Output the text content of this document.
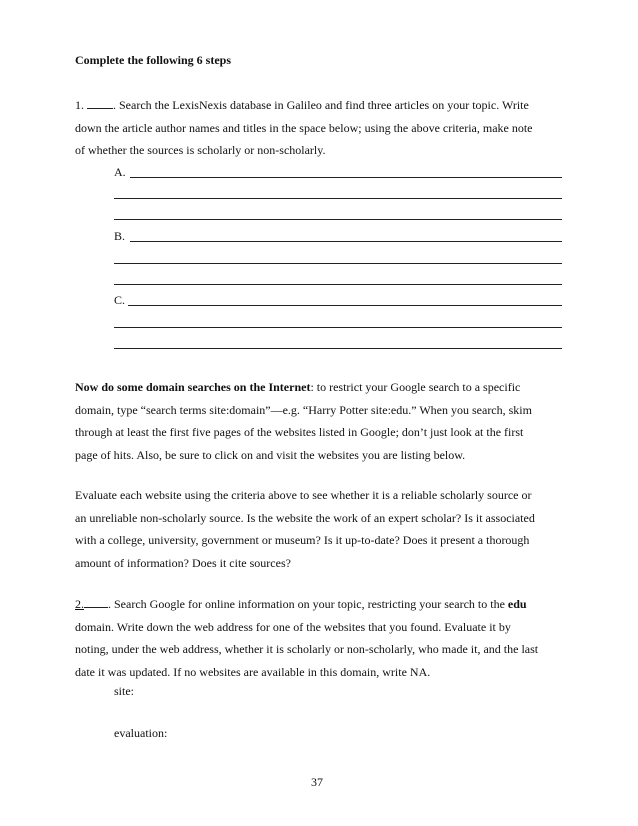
Complete the following 6 steps

1. . Search the LexisNexis database in Galileo and find three articles on your topic. Write

down the article author names and titles in the space below; using the above criteria, make note

of whether the sources is scholarly or non-scholarly.

A.
B.
C.

Now do some domain searches on the Internet: to restrict your Google search to a specific

domain, type “search terms site:domain”—e.g. “Harry Potter site:edu.” When you search, skim

through at least the first five pages of the websites listed in Google; don’t just look at the first

page of hits. Also, be sure to click on and visit the websites you are listing below.

Evaluate each website using the criteria above to see whether it is a reliable scholarly source or

an unreliable non-scholarly source. Is the website the work of an expert scholar? Is it associated

with a college, university, government or museum? Is it up-to-date? Does it present a thorough

amount of information? Does it cite sources?

2. . Search Google for online information on your topic, restricting your search to the edu

domain. Write down the web address for one of the websites that you found. Evaluate it by

noting, under the web address, whether it is scholarly or non-scholarly, who made it, and the last

date it was updated. If no websites are available in this domain, write NA.

site:
evaluation:
37
